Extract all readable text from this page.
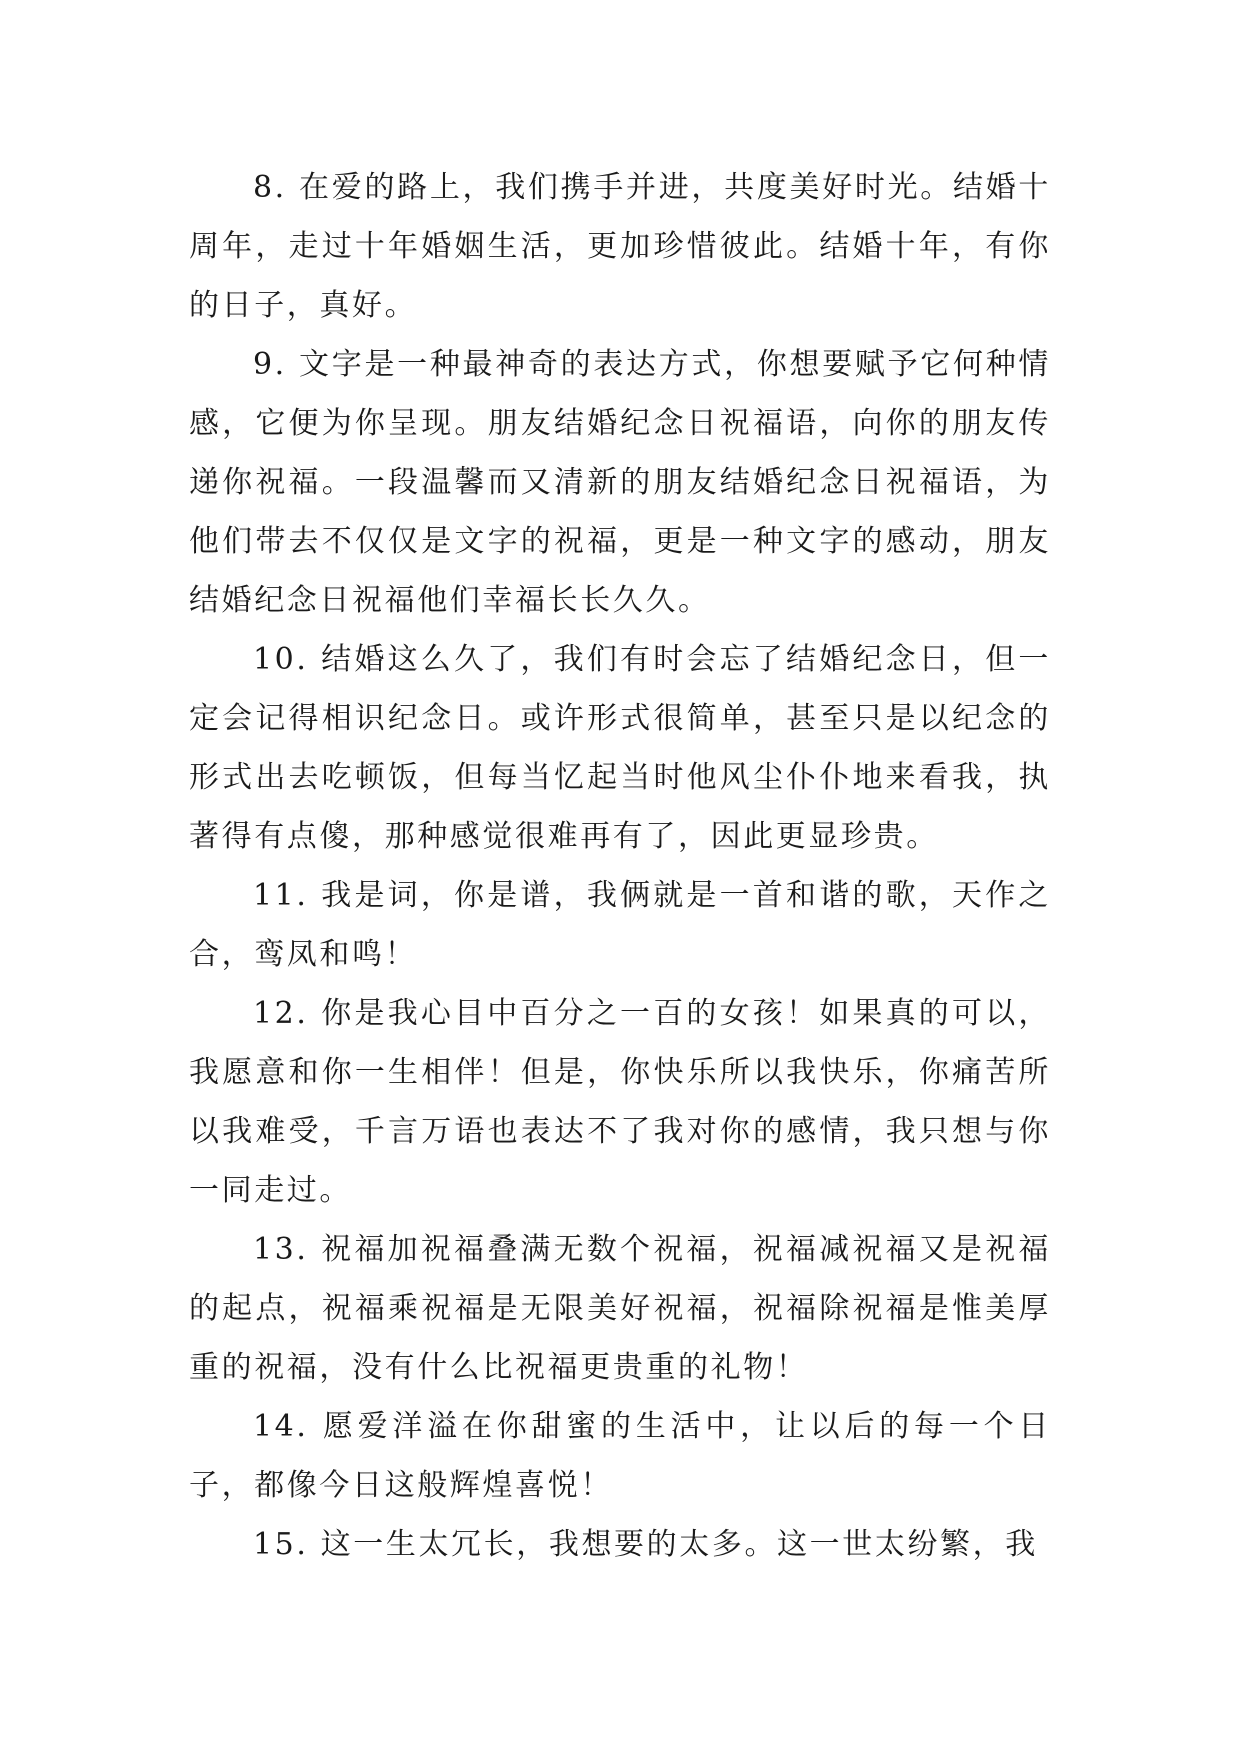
8. 在爱的路上，我们携手并进，共度美好时光。结婚十周年，走过十年婚姻生活，更加珍惜彼此。结婚十年，有你的日子，真好。

9. 文字是一种最神奇的表达方式，你想要赋予它何种情感，它便为你呈现。朋友结婚纪念日祝福语，向你的朋友传递你祝福。一段温馨而又清新的朋友结婚纪念日祝福语，为他们带去不仅仅是文字的祝福，更是一种文字的感动，朋友结婚纪念日祝福他们幸福长长久久。

10. 结婚这么久了，我们有时会忘了结婚纪念日，但一定会记得相识纪念日。或许形式很简单，甚至只是以纪念的形式出去吃顿饭，但每当忆起当时他风尘仆仆地来看我，执著得有点傻，那种感觉很难再有了，因此更显珍贵。

11. 我是词，你是谱，我俩就是一首和谐的歌，天作之合，鸾凤和鸣！

12. 你是我心目中百分之一百的女孩！如果真的可以，我愿意和你一生相伴！但是，你快乐所以我快乐，你痛苦所以我难受，千言万语也表达不了我对你的感情，我只想与你一同走过。

13. 祝福加祝福叠满无数个祝福，祝福减祝福又是祝福的起点，祝福乘祝福是无限美好祝福，祝福除祝福是惟美厚重的祝福，没有什么比祝福更贵重的礼物！

14. 愿爱洋溢在你甜蜜的生活中，让以后的每一个日子，都像今日这般辉煌喜悦！

15. 这一生太冗长，我想要的太多。这一世太纷繁，我
